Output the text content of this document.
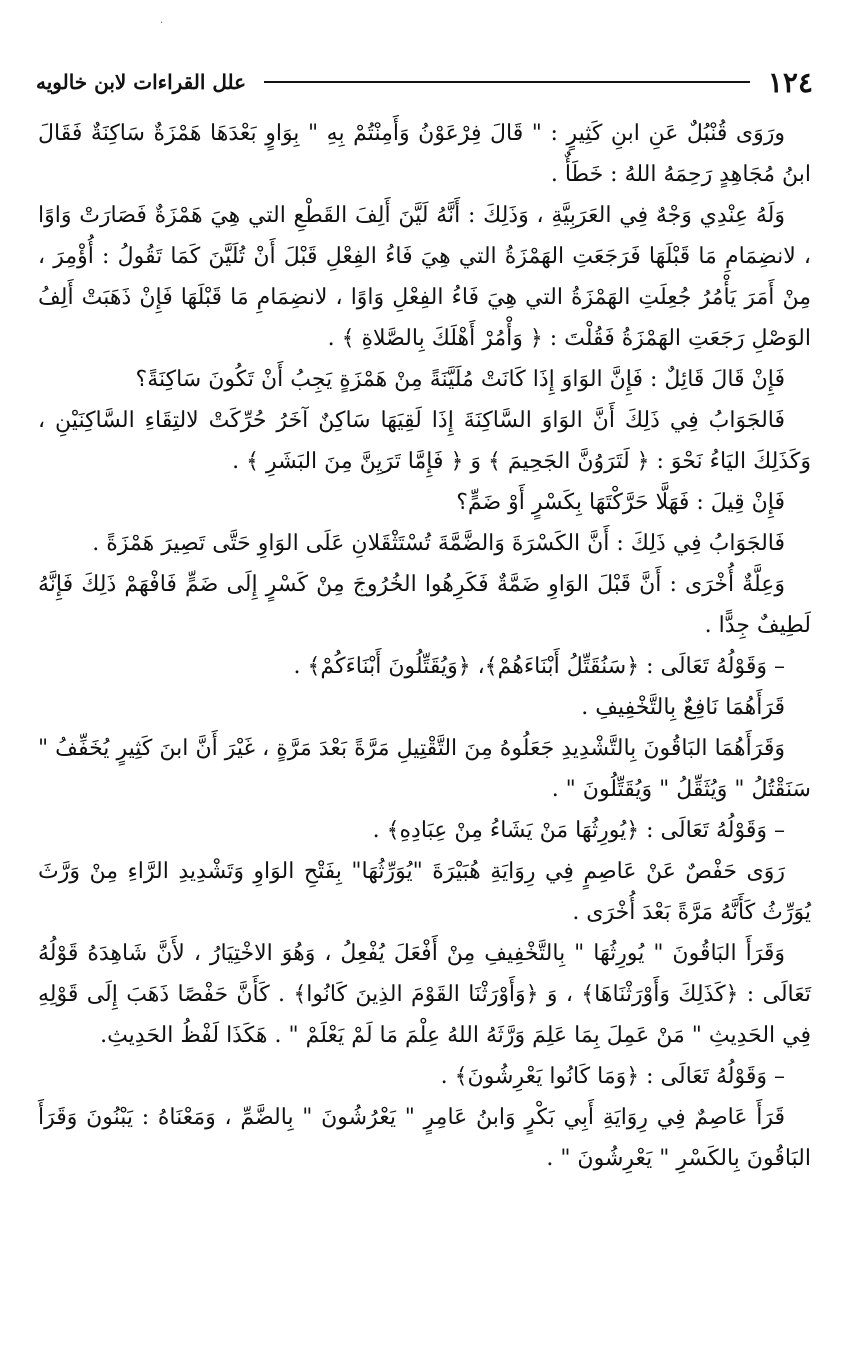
·
١٢٤
علل القراءات لابن خالويه

ورَوَى قُنْبُلٌ عَنِ ابنِ كَثِيرٍ : " قَالَ فِرْعَوْنُ وَأَمِنْتُمْ بِهِ " بِوَاوٍ بَعْدَهَا هَمْزَةٌ سَاكِنَةٌ فَقَالَ ابنُ مُجَاهِدٍ رَحِمَهُ اللهُ : خَطَأٌ .

وَلَهُ عِنْدِي وَجْهٌ فِي العَرَبِيَّةِ ، وَذَلِكَ : أَنَّهُ لَيَّنَ أَلِفَ القَطْعِ التي هِيَ هَمْزَةٌ فَصَارَتْ وَاوًا ، لانضِمَامِ مَا قَبْلَهَا فَرَجَعَتِ الهَمْزَةُ التي هِيَ فَاءُ الفِعْلِ قَبْلَ أَنْ تُلَيَّنَ كَمَا تَقُولُ : أُؤْمِرَ ، مِنْ أَمَرَ يَأْمُرُ جُعِلَتِ الهَمْزَةُ التي هِيَ فَاءُ الفِعْلِ وَاوًا ، لانضِمَامِ مَا قَبْلَهَا فَإِنْ ذَهَبَتْ أَلِفُ الوَصْلِ رَجَعَتِ الهَمْزَةُ فَقُلْتَ : ﴿ وَأْمُرْ أَهْلَكَ بِالصَّلاةِ ﴾ .

فَإِنْ قَالَ قَائِلٌ : فَإِنَّ الوَاوَ إِذَا كَانَتْ مُلَيَّنَةً مِنْ هَمْزَةٍ يَجِبُ أَنْ تَكُونَ سَاكِنَةً؟

فَالجَوَابُ فِي ذَلِكَ أَنَّ الوَاوَ السَّاكِنَةَ إِذَا لَقِيَهَا سَاكِنٌ آخَرُ حُرِّكَتْ لالتِقَاءِ السَّاكِنَيْنِ ، وَكَذَلِكَ اليَاءُ نَحْوَ : ﴿ لَتَرَوُنَّ الجَحِيمَ ﴾ وَ ﴿ فَإِمَّا تَرَيِنَّ مِنَ البَشَرِ ﴾ .

فَإِنْ قِيلَ : فَهَلَّا حَرَّكْتَهَا بِكَسْرٍ أَوْ ضَمٍّ؟

فَالجَوَابُ فِي ذَلِكَ : أَنَّ الكَسْرَةَ وَالضَّمَّةَ تُسْتَثْقَلانِ عَلَى الوَاوِ حَتَّى تَصِيرَ هَمْزَةً .

وَعِلَّةٌ أُخْرَى : أَنَّ قَبْلَ الوَاوِ ضَمَّةٌ فَكَرِهُوا الخُرُوجَ مِنْ كَسْرٍ إِلَى ضَمٍّ فَافْهَمْ ذَلِكَ فَإِنَّهُ لَطِيفٌ جِدًّا .

– وَقَوْلُهُ تَعَالَى : ﴿سَنُقَتِّلُ أَبْنَاءَهُمْ﴾، ﴿وَيُقَتِّلُونَ أَبْنَاءَكُمْ﴾ .

قَرَأَهُمَا نَافِعٌ بِالتَّخْفِيفِ .

وَقَرَأَهُمَا البَاقُونَ بِالتَّشْدِيدِ جَعَلُوهُ مِنَ التَّقْتِيلِ مَرَّةً بَعْدَ مَرَّةٍ ، غَيْرَ أَنَّ ابنَ كَثِيرٍ يُخَفِّفُ " سَنَقْتُلُ " وَيُثَقِّلُ " وَيُقَتِّلُونَ " .

– وَقَوْلُهُ تَعَالَى : ﴿يُورِثُهَا مَنْ يَشَاءُ مِنْ عِبَادِهِ﴾ .

رَوَى حَفْصٌ عَنْ عَاصِمٍ فِي رِوَايَةِ هُبَيْرَةَ "يُوَرِّثُهَا" بِفَتْحِ الوَاوِ وَتَشْدِيدِ الرَّاءِ مِنْ وَرَّثَ يُوَرِّثُ كَأَنَّهُ مَرَّةً بَعْدَ أُخْرَى .

وَقَرَأَ البَاقُونَ " يُورِثُهَا " بِالتَّخْفِيفِ مِنْ أَفْعَلَ يُفْعِلُ ، وَهُوَ الاخْتِيَارُ ، لأَنَّ شَاهِدَهُ قَوْلُهُ تَعَالَى : ﴿كَذَلِكَ وَأَوْرَثْنَاهَا﴾ ، وَ ﴿وَأَوْرَثْنَا القَوْمَ الذِينَ كَانُوا﴾ . كَأَنَّ حَفْصًا ذَهَبَ إِلَى قَوْلِهِ فِي الحَدِيثِ " مَنْ عَمِلَ بِمَا عَلِمَ وَرَّثَهُ اللهُ عِلْمَ مَا لَمْ يَعْلَمْ " . هَكَذَا لَفْظُ الحَدِيثِ.

– وَقَوْلُهُ تَعَالَى : ﴿وَمَا كَانُوا يَعْرِشُونَ﴾ .

قَرَأَ عَاصِمٌ فِي رِوَايَةِ أَبِي بَكْرٍ وَابنُ عَامِرٍ " يَعْرُشُونَ " بِالضَّمِّ ، وَمَعْنَاهُ : يَبْنُونَ وَقَرَأَ البَاقُونَ بِالكَسْرِ " يَعْرِشُونَ " .
